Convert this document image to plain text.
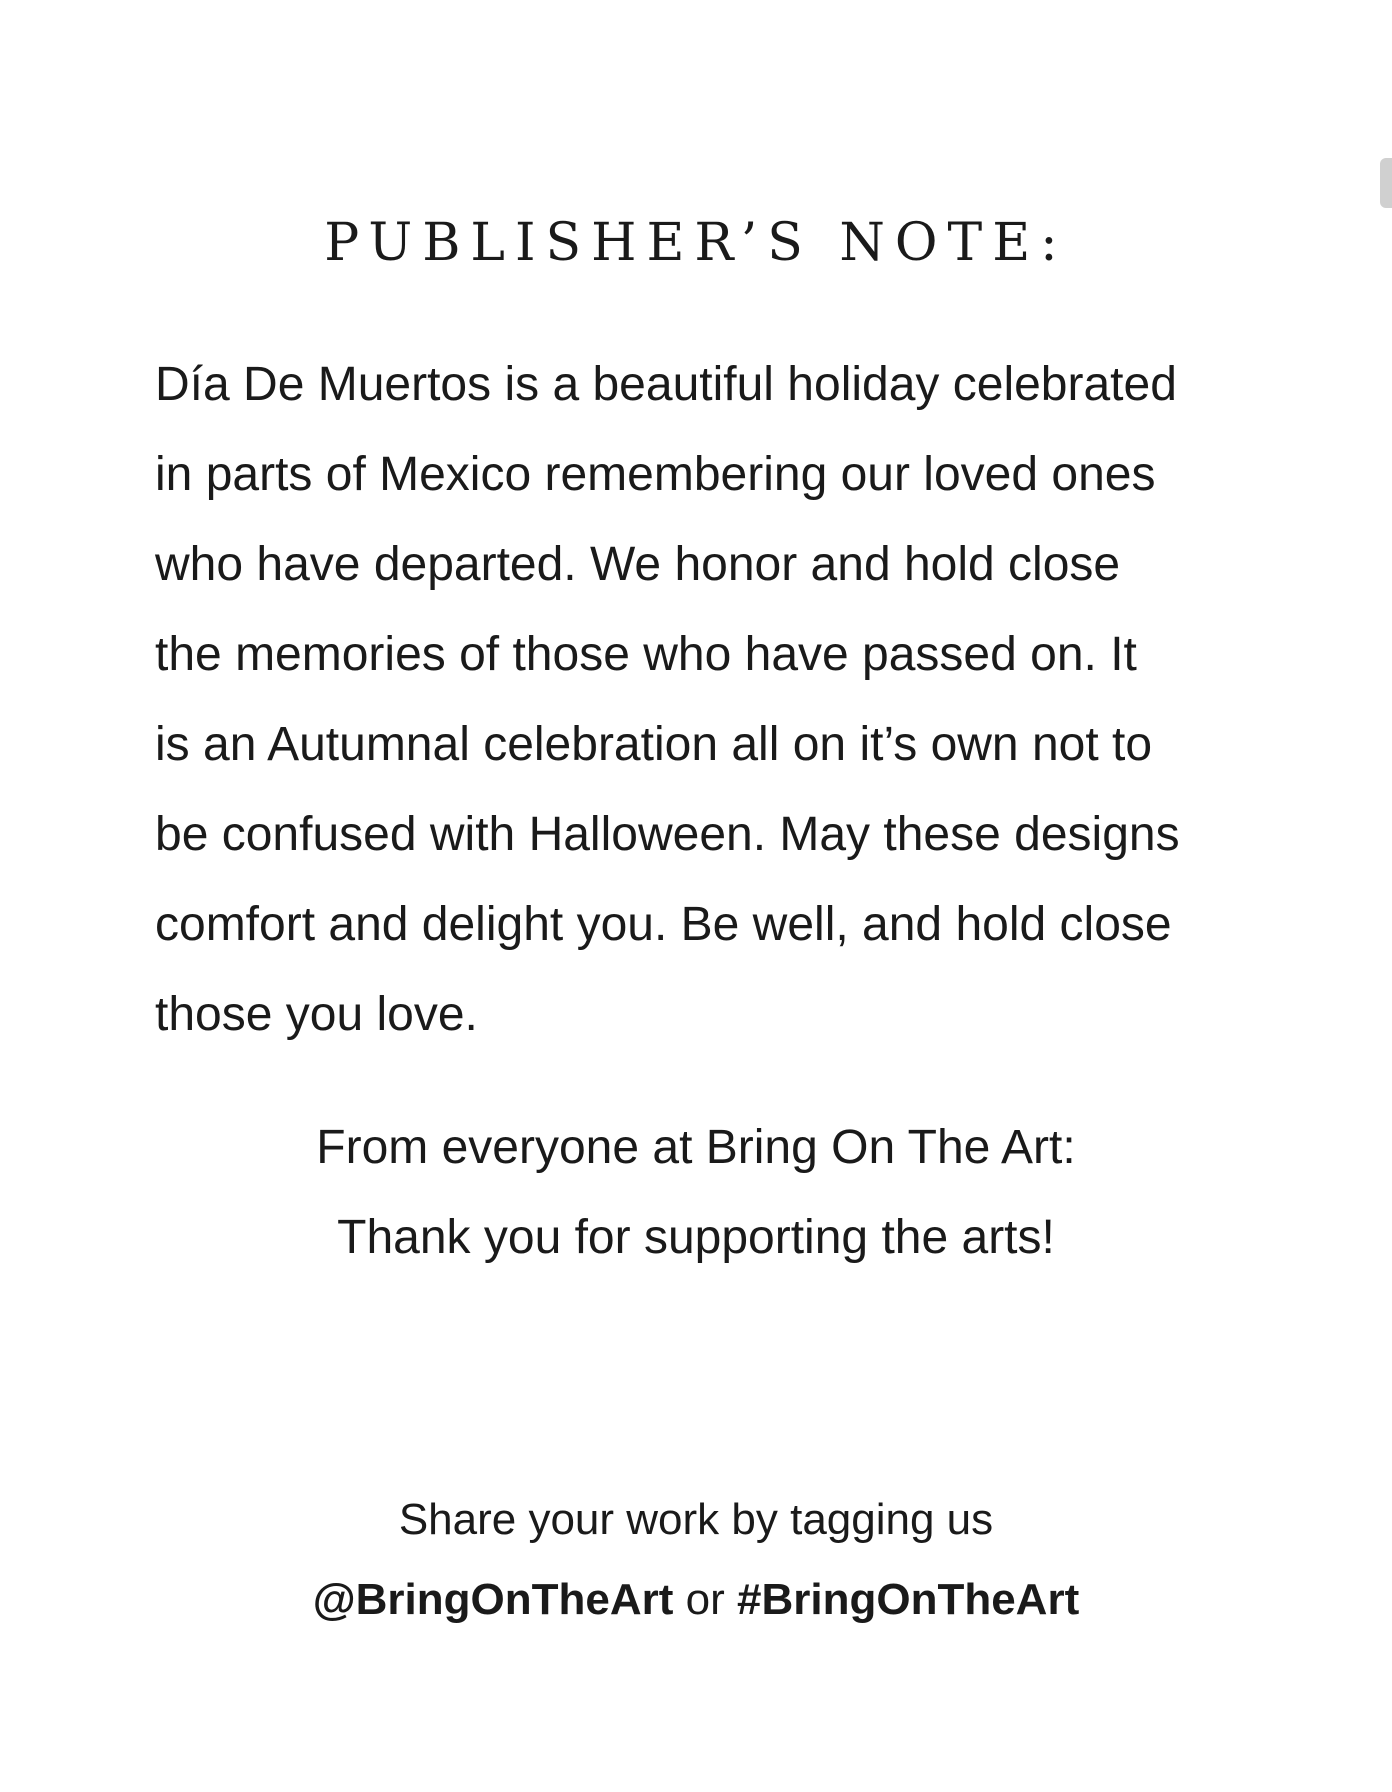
PUBLISHER’S NOTE:
Día De Muertos is a beautiful holiday celebrated
in parts of Mexico remembering our loved ones
who have departed. We honor and hold close
the memories of those who have passed on. It
is an Autumnal celebration all on it’s own not to
be confused with Halloween. May these designs
comfort and delight you. Be well, and hold close
those you love.
From everyone at Bring On The Art:
Thank you for supporting the arts!
Share your work by tagging us
@BringOnTheArt or #BringOnTheArt
